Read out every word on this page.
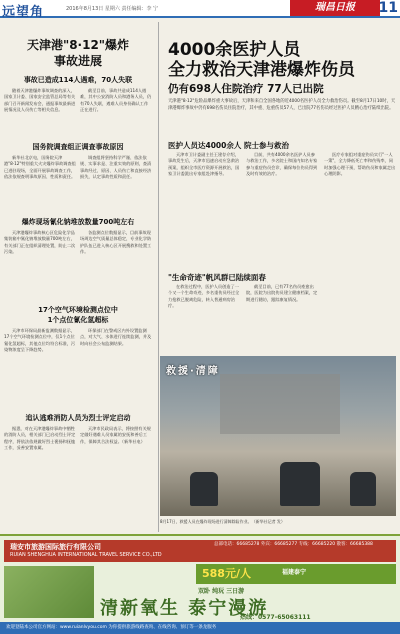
远望角	2016年8月13日 星期六 责任编辑：李 宁	瑞昌日报	11
天津港"8·12"爆炸
事故进展
事故已造成114人遇难，70人失联

随着天津港爆炸事故调查的深入，国家卫计委、国家安全监管总局等有关部门召开新闻发布会，通报事故最新进展情况及人员伤亡等相关信息。

截至目前，事故共造成114人遇难，其中公安消防人员和港务人员，仍有70人失联，遇难人员身份确认工作正在进行。

国务院调查组正调查事故原因

新华社北京电，国务院天津港"8·12"特别重大火灾爆炸事故调查组已进驻现场，全面开展事故调查工作，依法依规查明事故原因、性质和责任。

调查组将坚持科学严谨、依法依规、实事求是、注重实效的原则，查清事故经过、原因、人员伤亡和直接经济损失，认定事故性质和责任。

爆炸现场氰化钠堆放数量700吨左右

天津港爆炸事故核心区危险化学品集装箱中氰化钠堆放数量700吨左右，有关部门正在组织清理处置，防止二次污染。

各监测点位数据显示，目前事故现场周边空气质量总体稳定，专业化学防护队伍已进入核心区开展搜救和处置工作。

17个空气环境检测点位中
1个点位氰化氢超标

天津市环保局最新监测数据显示，17个空气环境检测点位中，仅1个点位氰化氢超标，其他点位均符合标准，污染物浓度呈下降趋势。

环保部门在警戒区内外设置监测点，对大气、水体进行连续监测，并及时向社会公布监测结果。

追认逃难消防人员为烈士评定启动

据悉，对在天津港爆炸事故中牺牲的消防人员，相关部门已启动烈士评定程序，将依法依规做好烈士褒扬和抚恤工作，妥善安置家属。

天津市民政局表示，将按照有关规定做好遇难人员家属的安抚和善后工作，保障其合法权益。（新华社电）

4000余医护人员
全力救治天津港爆炸伤员
仍有698人住院治疗 77人已出院
天津港"8·12"危险品爆炸重大事故后，天津和来自全国各地的近4000名医护人员全力救治伤员。截至8月17日10时，天津港爆炸事故中仍有698名伤员住院治疗，其中重、危重伤员57人，已出院77名伤员经过医护人员精心治疗陆续出院。
医护人员达4000余人 院士参与救治

天津市卫计委副主任王建存介绍，事故发生后，天津市迅速启动应急救治预案，组织全市医疗资源开展救治，国家卫计委派出专家组赴津指导。

目前，共有4000余名医护人员参与救治工作，多名院士和国内知名专家参与重症伤员会诊，确保每位伤员得到及时有效的治疗。

医疗专家组对重症伤员实行"一人一策"，全力降低死亡率和伤残率，同时加强心理干预，帮助伤员和家属走出心理阴影。

"生命奇迹"帆风群已陆续面春

在救治过程中，医护人员创造了一个又一个生命奇迹，多名重伤员经过全力抢救已脱离危险，转入普通病房治疗。

截至目前，已有77名伤员痊愈出院，医院为出院伤员建立健康档案，定期进行随访，跟踪康复情况。

救援·清障
8月17日，救援人员在爆炸现场进行清障除险作业。（新华社记者 发）
瑞安市旅游国际旅行有限公司
RUIAN SHENGHUA INTERNATIONAL TRAVEL SERVICE CO.,LTD
总部电话：66685278 外宾：66685277 专线：66685220 散客：66685388
588元/人	福建泰宁
双卧 纯玩 三日游
清新氧生 泰宁漫游
热线：0577-65063111
欢迎登陆本公司官方网站：www.ruianlvyou.com 为你提供旅游线路查询、在线咨询、预订等一条龙服务
